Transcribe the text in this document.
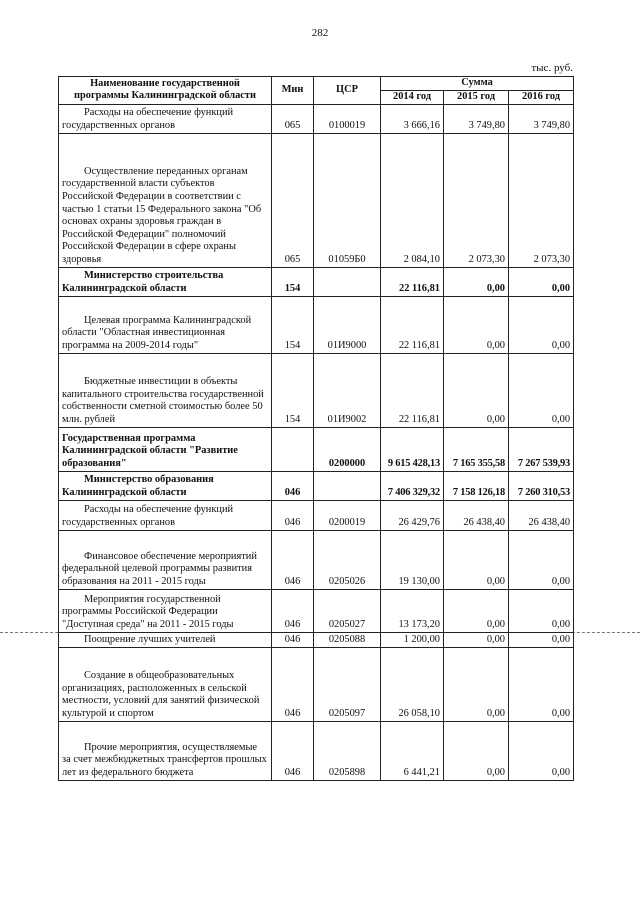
282
тыс. руб.
Наименование государственной программы Калининградской области	Мин	ЦСР	Сумма		
			2014 год	2015 год	2016 год
Расходы на обеспечение функций государственных органов	065	0100019	3 666,16	3 749,80	3 749,80
Осуществление переданных органам государственной власти субъектов Российской Федерации в соответствии с частью 1 статьи 15 Федерального закона "Об основах охраны здоровья граждан в Российской Федерации" полномочий Российской Федерации в сфере охраны здоровья	065	01059Б0	2 084,10	2 073,30	2 073,30
Министерство строительства Калининградской области	154		22 116,81	0,00	0,00
Целевая программа Калининградской области "Областная инвестиционная программа на 2009-2014 годы"	154	01И9000	22 116,81	0,00	0,00
Бюджетные инвестиции в объекты капитального строительства государственной собственности сметной стоимостью более 50 млн. рублей	154	01И9002	22 116,81	0,00	0,00
Государственная программа Калининградской области "Развитие образования"		0200000	9 615 428,13	7 165 355,58	7 267 539,93
Министерство образования Калининградской области	046		7 406 329,32	7 158 126,18	7 260 310,53
Расходы на обеспечение функций государственных органов	046	0200019	26 429,76	26 438,40	26 438,40
Финансовое обеспечение мероприятий федеральной целевой программы развития образования на 2011 - 2015 годы	046	0205026	19 130,00	0,00	0,00
Мероприятия государственной программы Российской Федерации "Доступная среда" на 2011 - 2015 годы	046	0205027	13 173,20	0,00	0,00
Поощрение лучших учителей	046	0205088	1 200,00	0,00	0,00
Создание в общеобразовательных организациях, расположенных в сельской местности, условий для занятий физической культурой и спортом	046	0205097	26 058,10	0,00	0,00
Прочие мероприятия, осуществляемые за счет межбюджетных трансфертов прошлых лет из федерального бюджета	046	0205898	6 441,21	0,00	0,00
